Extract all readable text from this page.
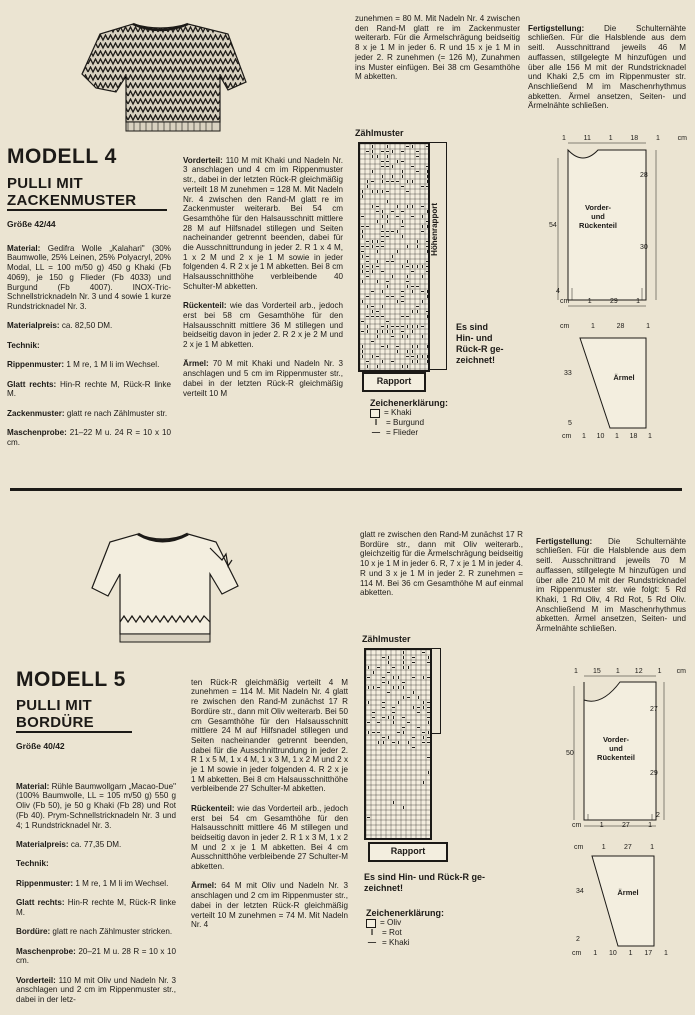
MODELL 4
PULLI MIT
ZACKENMUSTER
Größe 42/44

Material: Gedifra Wolle „Kalahari" (30% Baumwolle, 25% Leinen, 25% Polyacryl, 20% Modal, LL = 100 m/50 g) 450 g Khaki (Fb 4069), je 150 g Flieder (Fb 4033) und Burgund (Fb 4007). INOX-Tric-Schnellstricknadeln Nr. 3 und 4 sowie 1 kurze Rundstricknadel Nr. 3.

Materialpreis: ca. 82,50 DM.

Technik:

Rippenmuster: 1 M re, 1 M li im Wechsel.

Glatt rechts: Hin-R rechte M, Rück-R linke M.

Zackenmuster: glatt re nach Zählmuster str.

Maschenprobe: 21–22 M u. 24 R = 10 x 10 cm.

Vorderteil: 110 M mit Khaki und Nadeln Nr. 3 anschlagen und 4 cm im Rippenmuster str., dabei in der letzten Rück-R gleichmäßig verteilt 18 M zunehmen = 128 M. Mit Nadeln Nr. 4 zwischen den Rand-M glatt re im Zackenmuster weiterarb. Bei 54 cm Gesamthöhe für den Halsausschnitt mittlere 28 M auf Hilfsnadel stillegen und Seiten nacheinander getrennt beenden, dabei für die Ausschnittrundung in jeder 2. R 1 x 4 M, 1 x 2 M und 2 x je 1 M sowie in jeder folgenden 4. R 2 x je 1 M abketten. Bei 8 cm Halsausschnitthöhe verbleibende 40 Schulter-M abketten.

Rückenteil: wie das Vorderteil arb., jedoch erst bei 58 cm Gesamthöhe für den Halsausschnitt mittlere 36 M stillegen und beidseitig davon in jeder 2. R 2 x je 2 M und 2 x je 1 M abketten.

Ärmel: 70 M mit Khaki und Nadeln Nr. 3 anschlagen und 5 cm im Rippenmuster str., dabei in der letzten Rück-R gleichmäßig verteilt 10 M

zunehmen = 80 M. Mit Nadeln Nr. 4 zwischen den Rand-M glatt re im Zackenmuster weiterarb. Für die Ärmelschrägung beidseitig 8 x je 1 M in jeder 6. R und 15 x je 1 M in jeder 2. R zunehmen (= 126 M), Zunahmen ins Muster einfügen. Bei 38 cm Gesamthöhe M abketten.

Fertigstellung: Die Schulternähte schließen. Für die Halsblende aus dem seitl. Ausschnittrand jeweils 46 M auffassen, stillgelegte M hinzufügen und über alle 156 M mit der Rundstricknadel und Khaki 2,5 cm im Rippenmuster str. Anschließend M im Maschenrhythmus abketten. Ärmel ansetzen, Seiten- und Ärmelnähte schließen.

Zählmuster
Höhenrapport
Rapport
Es sind
Hin- und
Rück-R ge-
zeichnet!
Zeichenerklärung:
= Khaki
I	= Burgund
— = Flieder
Vorder-
und
Rückenteil
Ärmel
1	11	1	18	1	cm
54
28
30
4
cm	1	29	1
cm	1	28	1
33
5
cm 1 10 1 18 1
MODELL 5
PULLI MIT
BORDÜRE
Größe 40/42

Material: Rühle Baumwollgarn „Macao-Due" (100% Baumwolle, LL = 105 m/50 g) 550 g Oliv (Fb 50), je 50 g Khaki (Fb 28) und Rot (Fb 40). Prym-Schnellstricknadeln Nr. 3 und 4; 1 Rundstricknadel Nr. 3.

Materialpreis: ca. 77,35 DM.

Technik:

Rippenmuster: 1 M re, 1 M li im Wechsel.

Glatt rechts: Hin-R rechte M, Rück-R linke M.

Bordüre: glatt re nach Zählmuster stricken.

Maschenprobe: 20–21 M u. 28 R = 10 x 10 cm.

Vorderteil: 110 M mit Oliv und Nadeln Nr. 3 anschlagen und 2 cm im Rippenmuster str., dabei in der letz-

ten Rück-R gleichmäßig verteilt 4 M zunehmen = 114 M. Mit Nadeln Nr. 4 glatt re zwischen den Rand-M zunächst 17 R Bordüre str., dann mit Oliv weiterarb. Bei 50 cm Gesamthöhe für den Halsausschnitt mittlere 24 M auf Hilfsnadel stillegen und Seiten nacheinander getrennt beenden, dabei für die Ausschnittrundung in jeder 2. R 1 x 5 M, 1 x 4 M, 1 x 3 M, 1 x 2 M und 2 x je 1 M sowie in jeder folgenden 4. R 2 x je 1 M abketten. Bei 8 cm Halsausschnitthöhe verbleibende 27 Schulter-M abketten.

Rückenteil: wie das Vorderteil arb., jedoch erst bei 54 cm Gesamthöhe für den Halsausschnitt mittlere 46 M stillegen und beidseitig davon in jeder 2. R 1 x 3 M, 1 x 2 M und 2 x je 1 M abketten. Bei 4 cm Ausschnitthöhe verbleibende 27 Schulter-M abketten.

Ärmel: 64 M mit Oliv und Nadeln Nr. 3 anschlagen und 2 cm im Rippenmuster str., dabei in der letzten Rück-R gleichmäßig verteilt 10 M zunehmen = 74 M. Mit Nadeln Nr. 4

glatt re zwischen den Rand-M zunächst 17 R Bordüre str., dann mit Oliv weiterarb., gleichzeitig für die Ärmelschrägung beidseitig 10 x je 1 M in jeder 6. R, 7 x je 1 M in jeder 4. R und 3 x je 1 M in jeder 2. R zunehmen = 114 M. Bei 36 cm Gesamthöhe M auf einmal abketten.

Fertigstellung: Die Schulternähte schließen. Für die Halsblende aus dem seitl. Ausschnittrand jeweils 70 M auffassen, stillgelegte M hinzufügen und über alle 210 M mit der Rundstricknadel im Rippenmuster str. wie folgt: 5 Rd Khaki, 1 Rd Oliv, 4 Rd Rot, 5 Rd Oliv. Anschließend M im Maschenrhythmus abketten. Ärmel ansetzen, Seiten- und Ärmelnähte schließen.

Zählmuster
Rapport
Es sind Hin- und Rück-R ge-
zeichnet!
Zeichenerklärung:
= Oliv
I	= Rot
— = Khaki
Vorder-
und
Rückenteil
Ärmel
1 15 1 12 1 cm
50
27
29
2
cm	1	27	1
cm	1	27	1
34
2
cm 1 10 1 17 1
